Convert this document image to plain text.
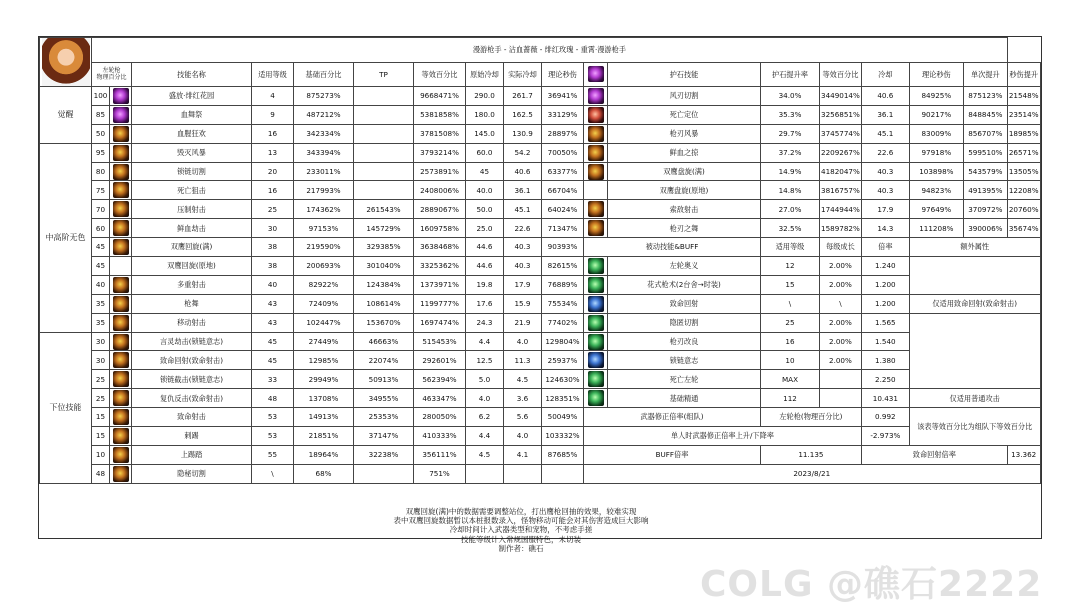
	漫游枪手 - 沾血蔷薇 - 绯红玫瑰 - 重霄·漫游枪手																	
	左轮枪
物理百分比		技能名称	适用等级	基础百分比	TP	等效百分比	原始冷却	实际冷却	理论秒伤		护石技能	护石提升率	等效百分比	冷却	理论秒伤	单次提升	秒伤提升
觉醒	100		盛放·绯红花园	4	875273%		9668471%	290.0	261.7	36941%		风刃切割	34.0%	3449014%	40.6	84925%	875123%	21548%
	85		血舞祭	9	487212%		5381858%	180.0	162.5	33129%		死亡定位	35.3%	3256851%	36.1	90217%	848845%	23514%
	50		血腥狂欢	16	342334%		3781508%	145.0	130.9	28897%		枪刃风暴	29.7%	3745774%	45.1	83009%	856707%	18985%
中高阶无色	95		毁灭风暴	13	343394%		3793214%	60.0	54.2	70050%		鲜血之掠	37.2%	2209267%	22.6	97918%	599510%	26571%
	80		锁链切割	20	233011%		2573891%	45	40.6	63377%		双鹰盘旋(满)	14.9%	4182047%	40.3	103898%	543579%	13505%
	75		死亡狙击	16	217993%		2408006%	40.0	36.1	66704%		双鹰盘旋(原地)	14.8%	3816757%	40.3	94823%	491395%	12208%
	70		压制射击	25	174362%	261543%	2889067%	50.0	45.1	64024%		索敌射击	27.0%	1744944%	17.9	97649%	370972%	20760%
	60		鲜血劫击	30	97153%	145729%	1609758%	25.0	22.6	71347%		枪刃之舞	32.5%	1589782%	14.3	111208%	390006%	35674%
	45		双鹰回旋(满)	38	219590%	329385%	3638468%	44.6	40.3	90393%	被动技能&BUFF		适用等级	每级成长	倍率	额外属性		
	45		双鹰回旋(原地)	38	200693%	301040%	3325362%	44.6	40.3	82615%		左轮奥义	12	2.00%	1.240			
	40		多重射击	40	82922%	124384%	1373971%	19.8	17.9	76889%		花式枪术(2台舍→时装)	15	2.00%	1.200			
	35		枪舞	43	72409%	108614%	1199777%	17.6	15.9	75534%		致命回射	\	\	1.200	仅适用致命回射(致命射击)		
	35		移动射击	43	102447%	153670%	1697474%	24.3	21.9	77402%		隐匿切割	25	2.00%	1.565			
下位技能	30		言灵劫击(锁链意志)	45	27449%	46663%	515453%	4.4	4.0	129804%		枪刃改良	16	2.00%	1.540			
	30		致命回射(致命射击)	45	12985%	22074%	292601%	12.5	11.3	25937%		锁链意志	10	2.00%	1.380			
	25		锁链截击(锁链意志)	33	29949%	50913%	562394%	5.0	4.5	124630%		死亡左轮	MAX		2.250			
	25		复仇反击(致命射击)	48	13708%	34955%	463347%	4.0	3.6	128351%		基础精通	112		10.431	仅适用普通攻击		
	15		致命射击	53	14913%	25353%	280050%	6.2	5.6	50049%	武器修正倍率(组队)		左轮枪(物理百分比)		0.992	该表等效百分比为组队下等效百分比		
	15		刺踢	53	21851%	37147%	410333%	4.4	4.0	103332%	单人时武器修正倍率上升/下降率				-2.973%			
	10		上踢踏	55	18964%	32238%	356111%	4.5	4.1	87685%	BUFF倍率		11.135		致命回射倍率			13.362
	48		隐秘切割	\	68%		751%				2023/8/21							
双鹰回旋(满)中的数据需要调整站位，打出鹰枪回抽的效果，较难实现
表中双鹰回旋数据暂以本桩报数录入，怪物移动可能会对其伤害造成巨大影响
冷却时间计入武器类型和宠物，不考虑手搓
技能等级计入常规国服特色，未切装
制作者：礁石
COLG @礁石2222
